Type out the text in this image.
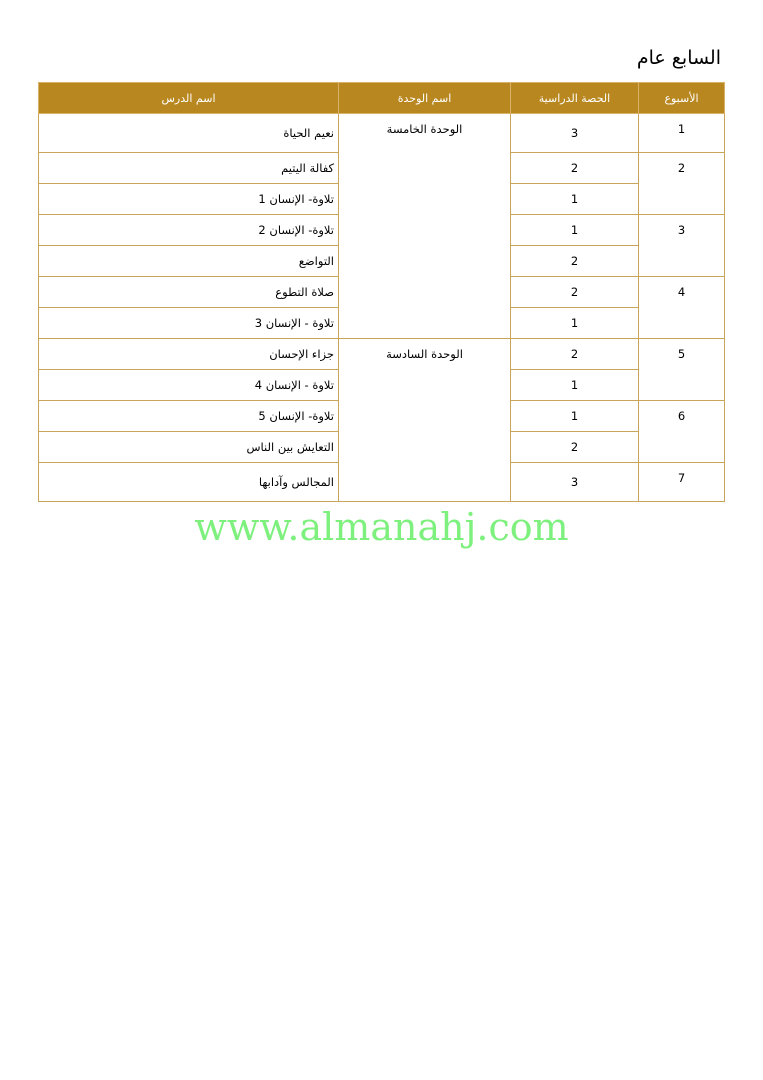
السابع عام
الأسبوع	الحصة الدراسية	اسم الوحدة	اسم الدرس
1	3	الوحدة الخامسة	نعيم الحياة
2	2		كفالة اليتيم
	1		تلاوة- الإنسان 1
3	1		تلاوة- الإنسان 2
	2		التواضع
4	2		صلاة التطوع
	1		تلاوة - الإنسان 3
5	2	الوحدة السادسة	جزاء الإحسان
	1		تلاوة - الإنسان 4
6	1		تلاوة- الإنسان 5
	2		التعايش بين الناس
7	3		المجالس وآدابها
www.almanahj.com
